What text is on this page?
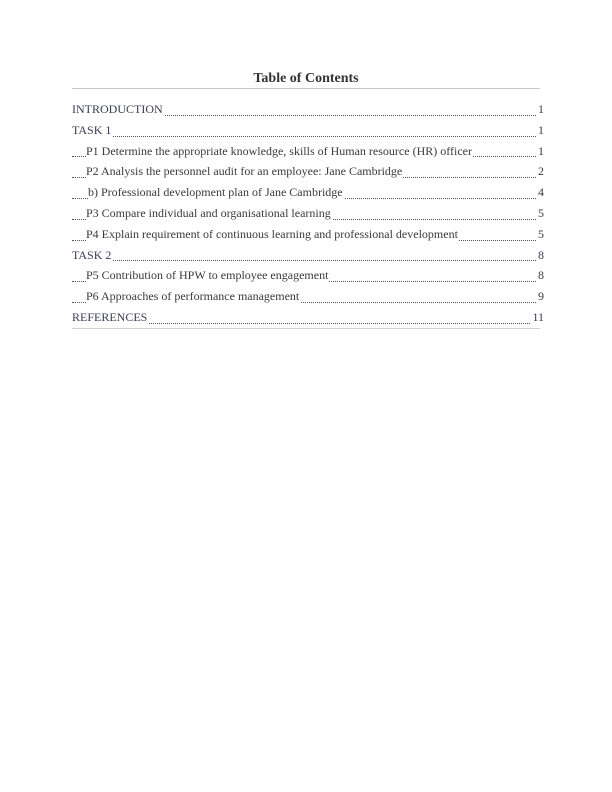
Table of Contents
INTRODUCTION	1
TASK 1	1
P1 Determine the appropriate knowledge, skills of Human resource (HR) officer	1
P2 Analysis the personnel audit for an employee: Jane Cambridge	2
b) Professional development plan of Jane Cambridge	4
P3 Compare individual and organisational learning	5
P4 Explain requirement of continuous learning and professional development	5
TASK 2	8
P5 Contribution of HPW to employee engagement	8
P6 Approaches of performance management	9
REFERENCES	11
